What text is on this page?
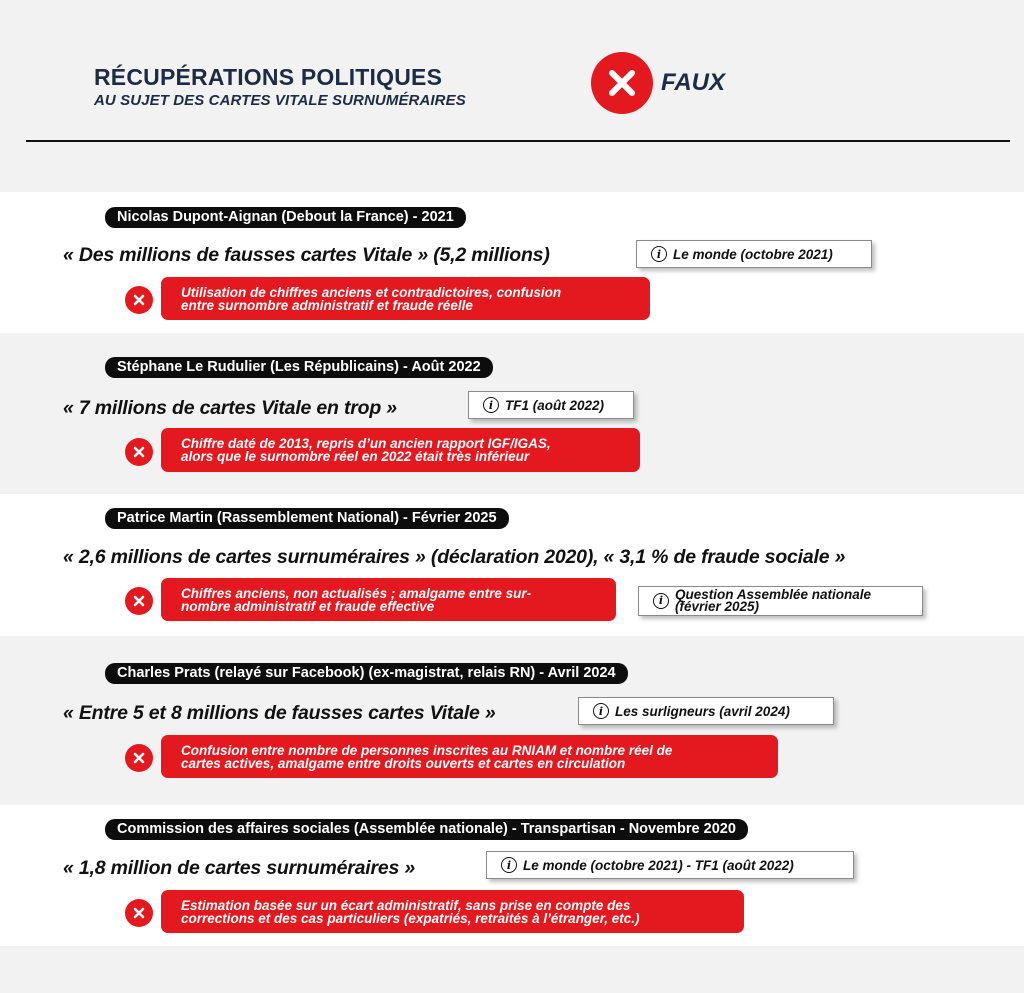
RÉCUPÉRATIONS POLITIQUES
AU SUJET DES CARTES VITALE SURNUMÉRAIRES
FAUX
Nicolas Dupont-Aignan (Debout la France) - 2021
« Des millions de fausses cartes Vitale » (5,2 millions)	i Le monde (octobre 2021)
Utilisation de chiffres anciens et contradictoires, confusion
entre surnombre administratif et fraude réelle
Stéphane Le Rudulier (Les Républicains) - Août 2022
« 7 millions de cartes Vitale en trop »	i TF1 (août 2022)
Chiffre daté de 2013, repris d’un ancien rapport IGF/IGAS,
alors que le surnombre réel en 2022 était très inférieur
Patrice Martin (Rassemblement National) - Février 2025
« 2,6 millions de cartes surnuméraires » (déclaration 2020), « 3,1 % de fraude sociale »
i Question Assemblée nationale
(février 2025)
Chiffres anciens, non actualisés ; amalgame entre sur-
nombre administratif et fraude effective
Charles Prats (relayé sur Facebook) (ex-magistrat, relais RN) - Avril 2024
« Entre 5 et 8 millions de fausses cartes Vitale »	i Les surligneurs (avril 2024)
Confusion entre nombre de personnes inscrites au RNIAM et nombre réel de
cartes actives, amalgame entre droits ouverts et cartes en circulation
Commission des affaires sociales (Assemblée nationale) - Transpartisan - Novembre 2020
« 1,8 million de cartes surnuméraires »	i Le monde (octobre 2021) - TF1 (août 2022)
Estimation basée sur un écart administratif, sans prise en compte des
corrections et des cas particuliers (expatriés, retraités à l’étranger, etc.)
